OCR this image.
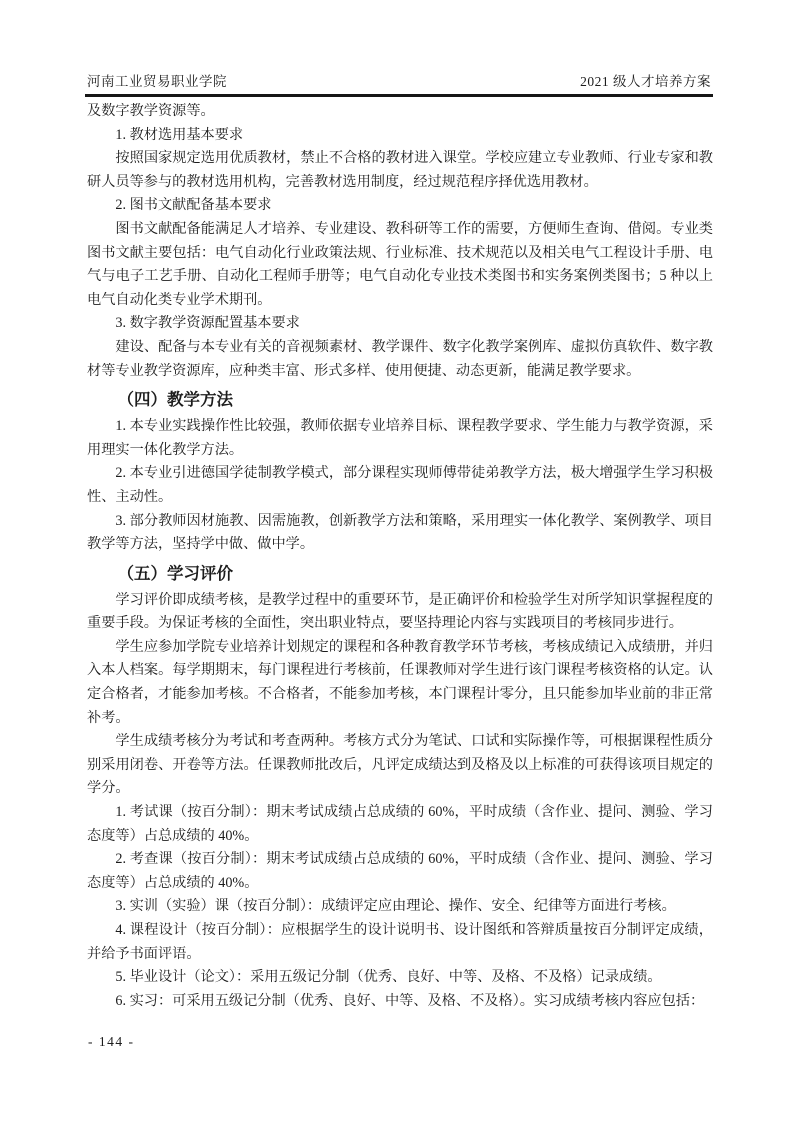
河南工业贸易职业学院	2021 级人才培养方案

及数字教学资源等。

1. 教材选用基本要求

按照国家规定选用优质教材，禁止不合格的教材进入课堂。学校应建立专业教师、行业专家和教研人员等参与的教材选用机构，完善教材选用制度，经过规范程序择优选用教材。

2. 图书文献配备基本要求

图书文献配备能满足人才培养、专业建设、教科研等工作的需要，方便师生查询、借阅。专业类图书文献主要包括：电气自动化行业政策法规、行业标准、技术规范以及相关电气工程设计手册、电气与电子工艺手册、自动化工程师手册等；电气自动化专业技术类图书和实务案例类图书；5 种以上电气自动化类专业学术期刊。

3. 数字教学资源配置基本要求

建设、配备与本专业有关的音视频素材、教学课件、数字化教学案例库、虚拟仿真软件、数字教材等专业教学资源库，应种类丰富、形式多样、使用便捷、动态更新，能满足教学要求。

（四）教学方法

1. 本专业实践操作性比较强，教师依据专业培养目标、课程教学要求、学生能力与教学资源，采用理实一体化教学方法。

2. 本专业引进德国学徒制教学模式，部分课程实现师傅带徒弟教学方法，极大增强学生学习积极性、主动性。

3. 部分教师因材施教、因需施教，创新教学方法和策略，采用理实一体化教学、案例教学、项目教学等方法，坚持学中做、做中学。

（五）学习评价

学习评价即成绩考核，是教学过程中的重要环节，是正确评价和检验学生对所学知识掌握程度的重要手段。为保证考核的全面性，突出职业特点，要坚持理论内容与实践项目的考核同步进行。

学生应参加学院专业培养计划规定的课程和各种教育教学环节考核，考核成绩记入成绩册，并归入本人档案。每学期期末，每门课程进行考核前，任课教师对学生进行该门课程考核资格的认定。认定合格者，才能参加考核。不合格者，不能参加考核，本门课程计零分，且只能参加毕业前的非正常补考。

学生成绩考核分为考试和考查两种。考核方式分为笔试、口试和实际操作等，可根据课程性质分别采用闭卷、开卷等方法。任课教师批改后，凡评定成绩达到及格及以上标准的可获得该项目规定的学分。

1. 考试课（按百分制）：期末考试成绩占总成绩的 60%，平时成绩（含作业、提问、测验、学习态度等）占总成绩的 40%。

2. 考查课（按百分制）：期末考试成绩占总成绩的 60%，平时成绩（含作业、提问、测验、学习态度等）占总成绩的 40%。

3. 实训（实验）课（按百分制）：成绩评定应由理论、操作、安全、纪律等方面进行考核。

4. 课程设计（按百分制）：应根据学生的设计说明书、设计图纸和答辩质量按百分制评定成绩，并给予书面评语。

5. 毕业设计（论文）：采用五级记分制（优秀、良好、中等、及格、不及格）记录成绩。

6. 实习：可采用五级记分制（优秀、良好、中等、及格、不及格）。实习成绩考核内容应包括：

- 144 -
